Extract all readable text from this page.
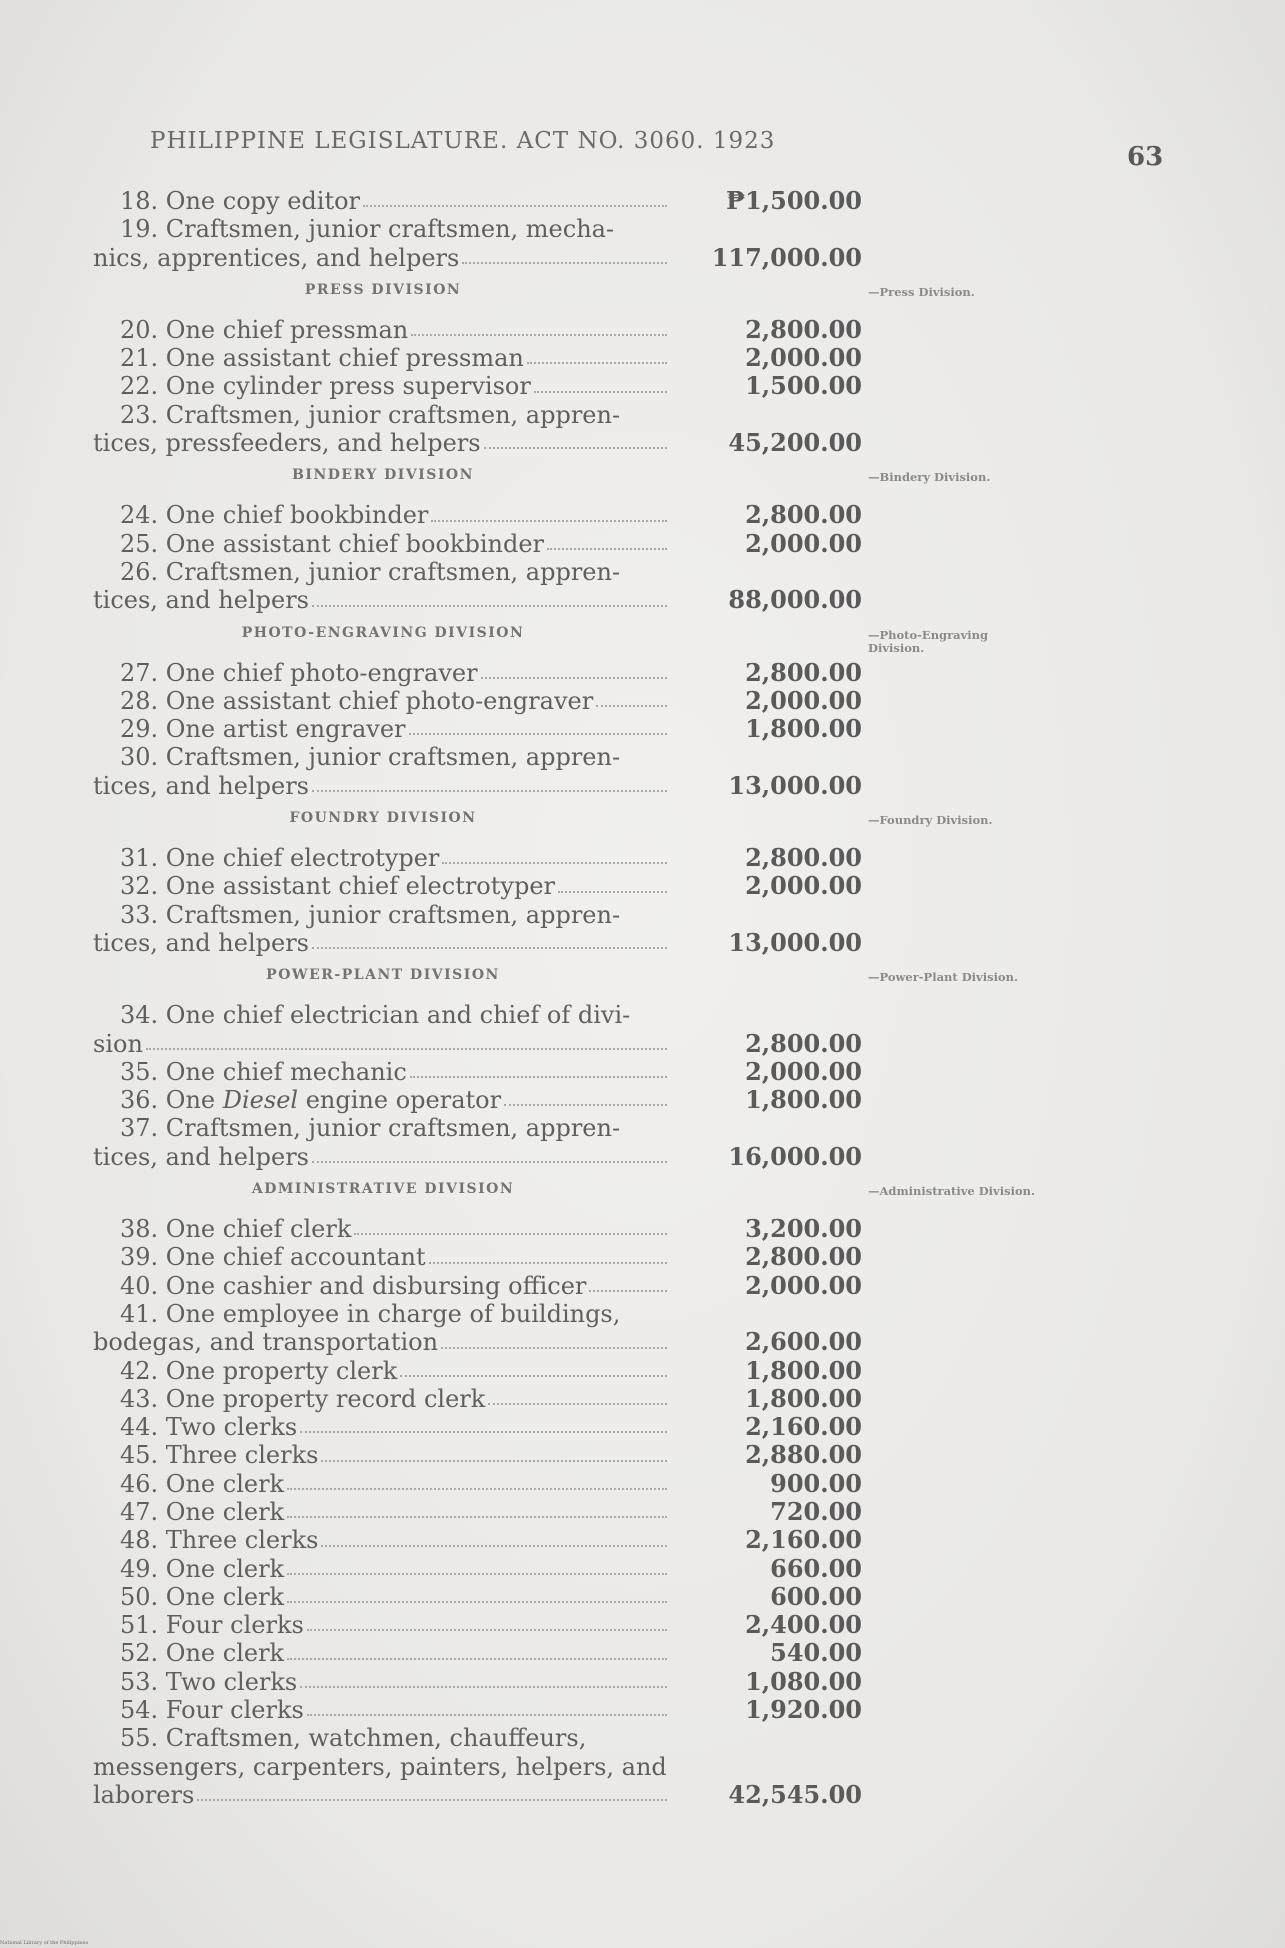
PHILIPPINE LEGISLATURE. ACT NO. 3060. 1923
63
18. One copy editor	₱1,500.00
19. Craftsmen, junior craftsmen, mecha-
nics, apprentices, and helpers	117,000.00
PRESS DIVISION	—Press Division.
20. One chief pressman	2,800.00
21. One assistant chief pressman	2,000.00
22. One cylinder press supervisor	1,500.00
23. Craftsmen, junior craftsmen, appren-
tices, pressfeeders, and helpers	45,200.00
BINDERY DIVISION	—Bindery Division.
24. One chief bookbinder	2,800.00
25. One assistant chief bookbinder	2,000.00
26. Craftsmen, junior craftsmen, appren-
tices, and helpers	88,000.00
PHOTO-ENGRAVING DIVISION	—Photo-Engraving Division.
27. One chief photo-engraver	2,800.00
28. One assistant chief photo-engraver	2,000.00
29. One artist engraver	1,800.00
30. Craftsmen, junior craftsmen, appren-
tices, and helpers	13,000.00
FOUNDRY DIVISION	—Foundry Division.
31. One chief electrotyper	2,800.00
32. One assistant chief electrotyper	2,000.00
33. Craftsmen, junior craftsmen, appren-
tices, and helpers	13,000.00
POWER-PLANT DIVISION	—Power-Plant Division.
34. One chief electrician and chief of divi-
sion	2,800.00
35. One chief mechanic	2,000.00
36. One Diesel engine operator	1,800.00
37. Craftsmen, junior craftsmen, appren-
tices, and helpers	16,000.00
ADMINISTRATIVE DIVISION	—Administrative Division.
38. One chief clerk	3,200.00
39. One chief accountant	2,800.00
40. One cashier and disbursing officer	2,000.00
41. One employee in charge of buildings,
bodegas, and transportation	2,600.00
42. One property clerk	1,800.00
43. One property record clerk	1,800.00
44. Two clerks	2,160.00
45. Three clerks	2,880.00
46. One clerk	900.00
47. One clerk	720.00
48. Three clerks	2,160.00
49. One clerk	660.00
50. One clerk	600.00
51. Four clerks	2,400.00
52. One clerk	540.00
53. Two clerks	1,080.00
54. Four clerks	1,920.00
55. Craftsmen, watchmen, chauffeurs,
messengers, carpenters, painters, helpers, and
laborers	42,545.00
National Library of the Philippines
